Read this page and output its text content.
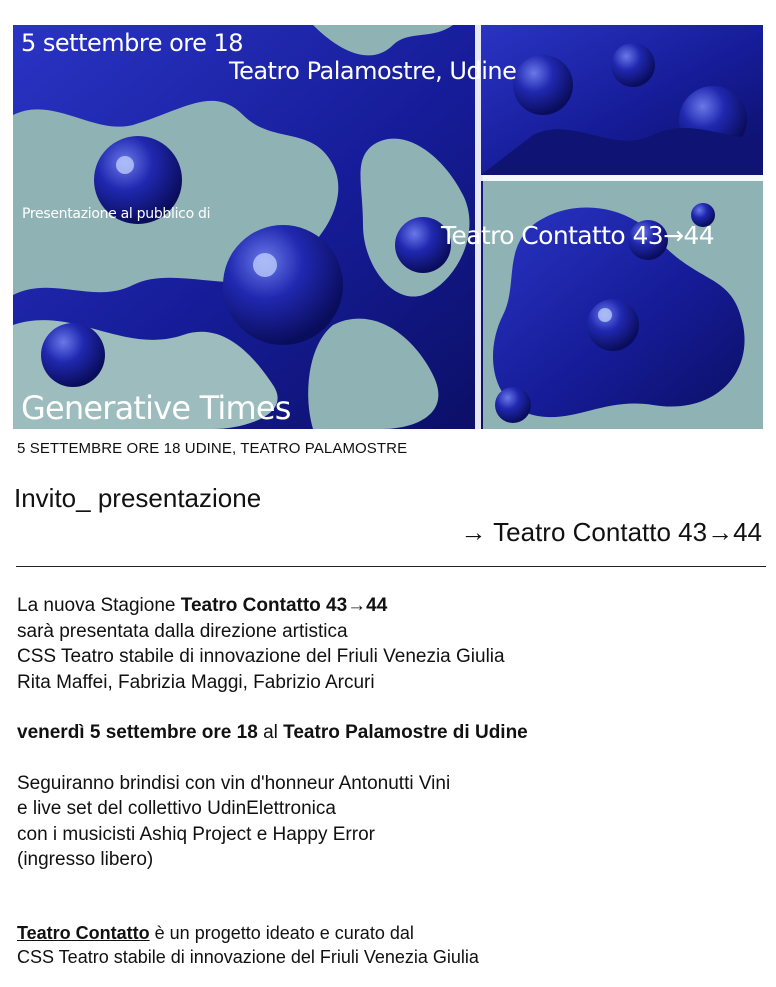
5 settembre ore 18
Teatro Palamostre, Udine
Presentazione al pubblico di
Teatro Contatto 43→44
Generative Times
5 SETTEMBRE ORE 18 UDINE, TEATRO PALAMOSTRE
Invito_ presentazione
→ Teatro Contatto 43→44
La nuova Stagione Teatro Contatto 43→44
sarà presentata dalla direzione artistica
CSS Teatro stabile di innovazione del Friuli Venezia Giulia
Rita Maffei, Fabrizia Maggi, Fabrizio Arcuri
venerdì 5 settembre ore 18 al Teatro Palamostre di Udine
Seguiranno brindisi con vin d'honneur Antonutti Vini
e live set del collettivo UdinElettronica
con i musicisti Ashiq Project e Happy Error
(ingresso libero)
Teatro Contatto è un progetto ideato e curato dal
CSS Teatro stabile di innovazione del Friuli Venezia Giulia
